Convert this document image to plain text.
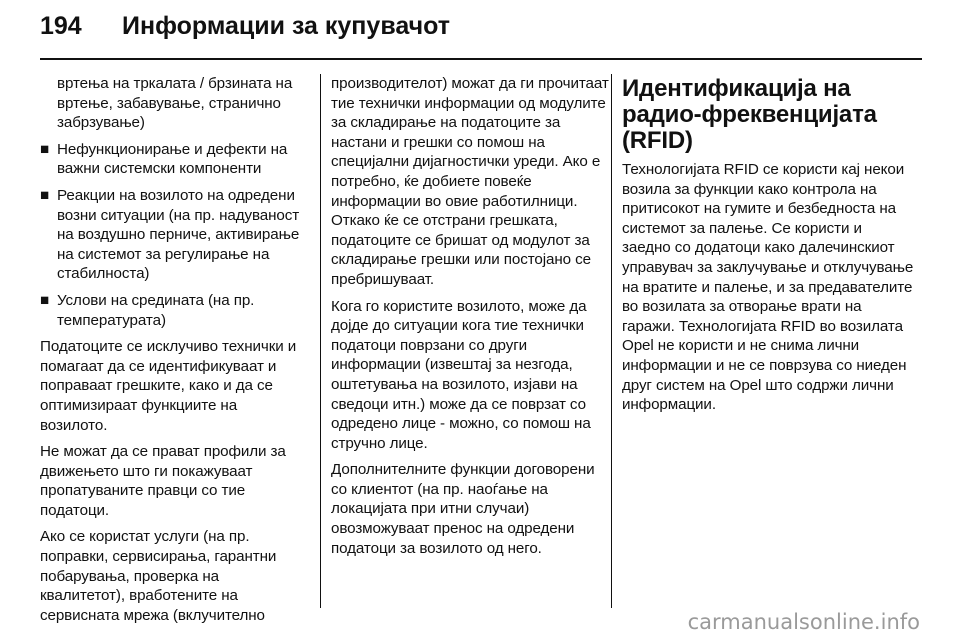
194 Информации за купувачот

вртења на тркалата / брзината на вртење, забавување, странично забрзување)

■ Нефункционирање и дефекти на важни системски компоненти
■ Реакции на возилото на одредени возни ситуации (на пр. надуваност на воздушно перниче, активирање на системот за регулирање на стабилноста)
■ Услови на средината (на пр. температурата)

Податоците се исклучиво технички и помагаат да се идентификуваат и поправаат грешките, како и да се оптимизираат функциите на возилото.

Не можат да се прават профили за движењето што ги покажуваат пропатуваните правци со тие податоци.

Ако се користат услуги (на пр. поправки, сервисирања, гарантни побарувања, проверка на квалитетот), вработените на сервисната мрежа (вклучително

производителот) можат да ги прочитаат тие технички информации од модулите за складирање на податоците за настани и грешки со помош на специјални дијагностички уреди. Ако е потребно, ќе добиете повеќе информации во овие работилници. Откако ќе се отстрани грешката, податоците се бришат од модулот за складирање грешки или постојано се пребришуваат.

Кога го користите возилото, може да дојде до ситуации кога тие технички податоци поврзани со други информации (извештај за незгода, оштетувања на возилото, изјави на сведоци итн.) може да се поврзат со одредено лице - можно, со помош на стручно лице.

Дополнителните функции договорени со клиентот (на пр. наоѓање на локацијата при итни случаи) овозможуваат пренос на одредени податоци за возилото од него.

Идентификација на радио-фреквенцијата (RFID)

Технологијата RFID се користи кај некои возила за функции како контрола на притисокот на гумите и безбедноста на системот за палење. Се користи и заедно со додатоци како далечинскиот управувач за заклучување и отклучување на вратите и палење, и за предавателите во возилата за отворање врати на гаражи. Технологијата RFID во возилата Opel не користи и не снима лични информации и не се поврзува со ниеден друг систем на Opel што содржи лични информации.

carmanualsonline.info
